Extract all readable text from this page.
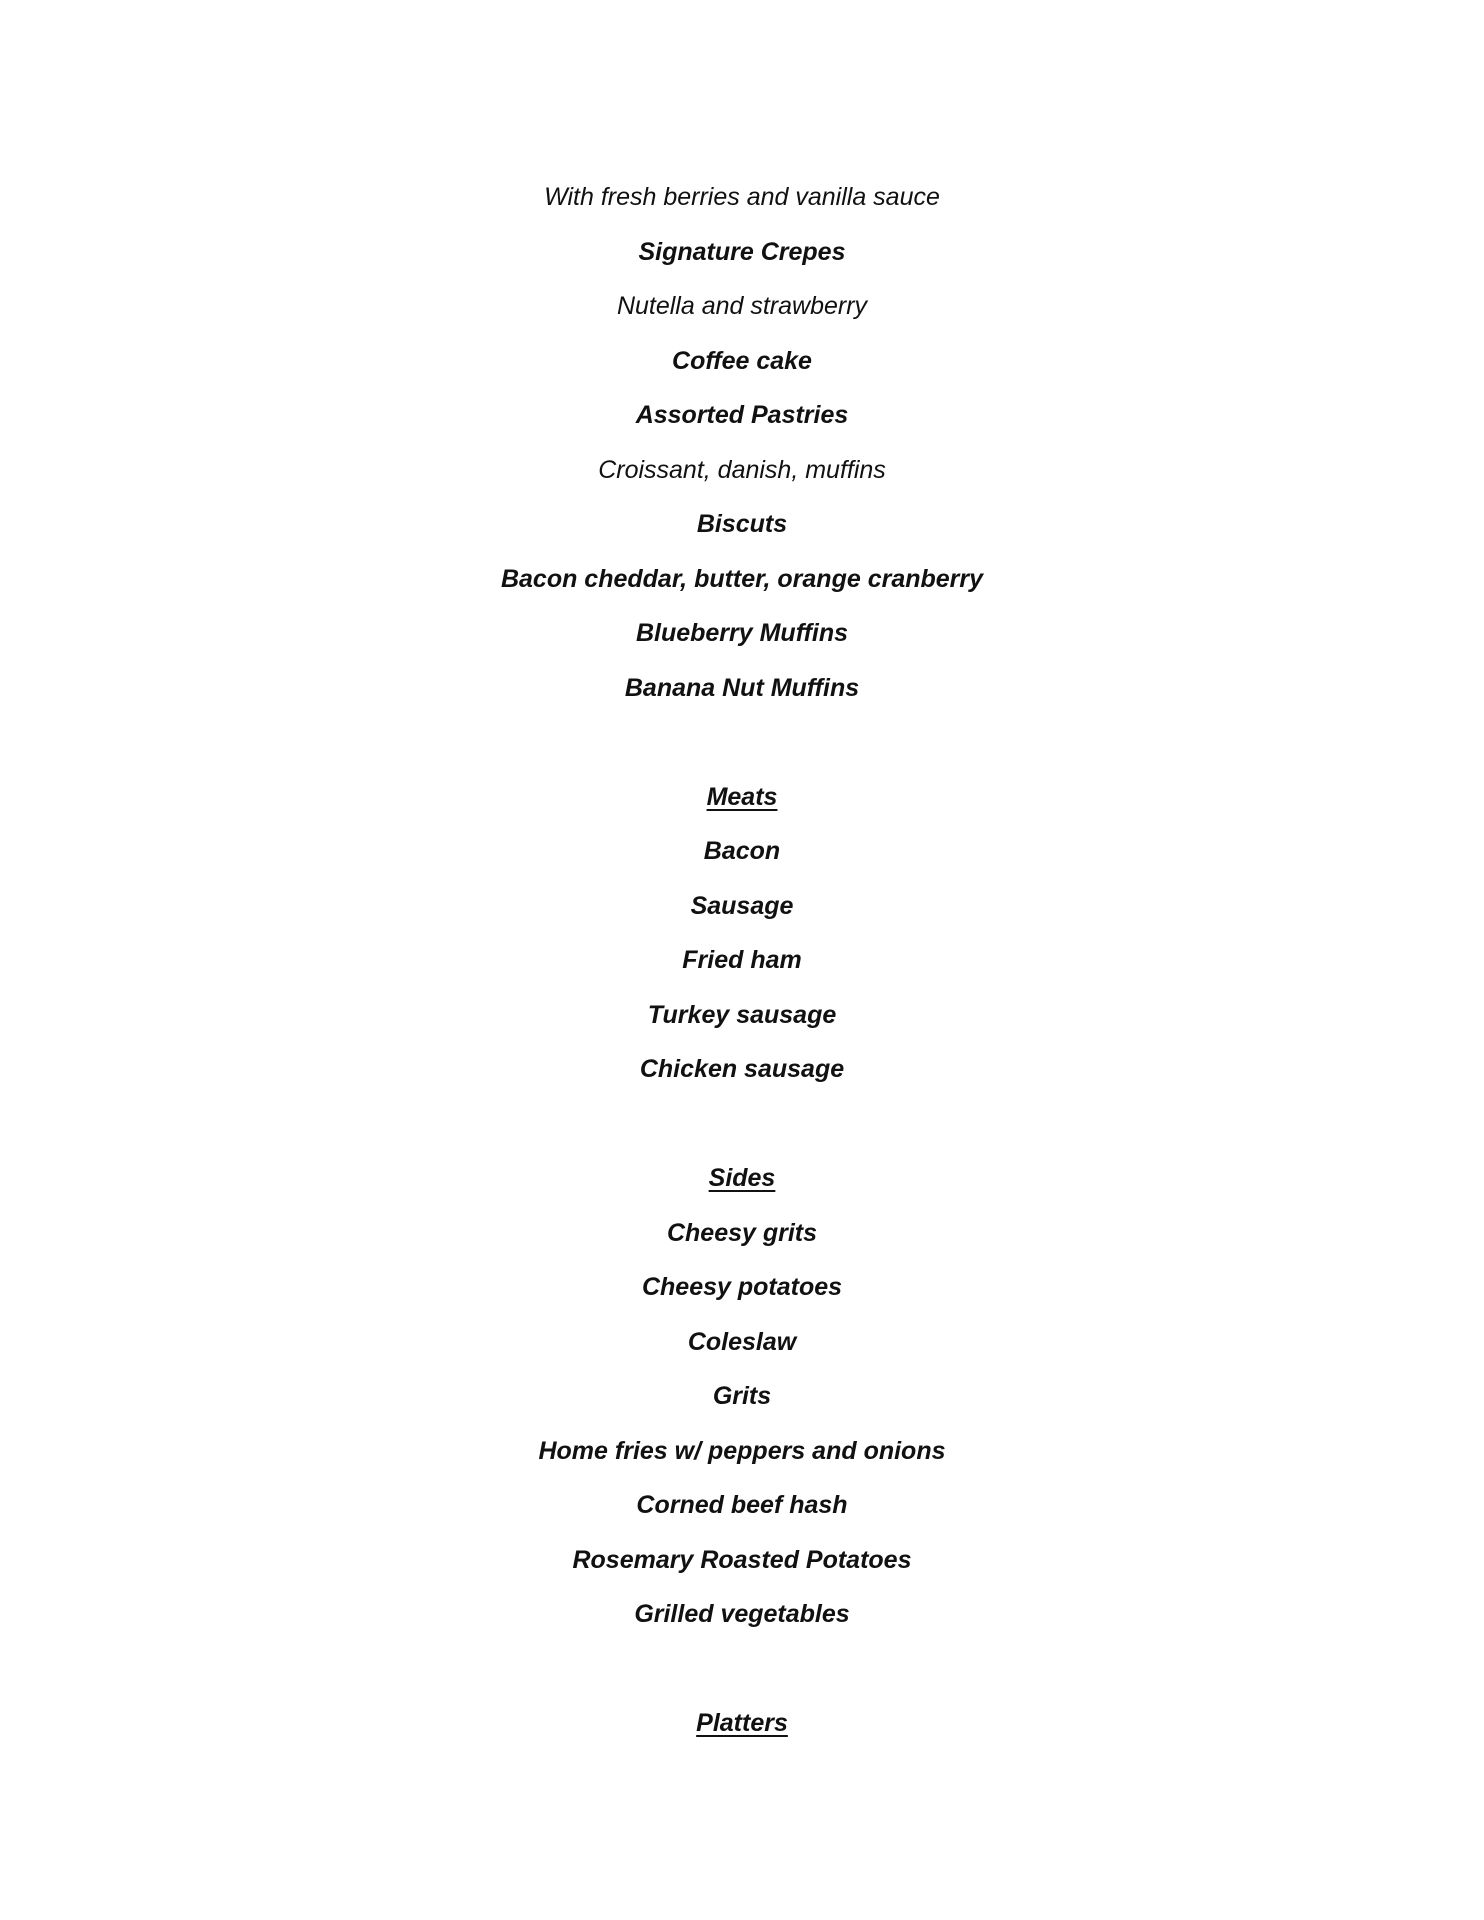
With fresh berries and vanilla sauce
Signature Crepes
Nutella and strawberry
Coffee cake
Assorted Pastries
Croissant, danish, muffins
Biscuts
Bacon cheddar, butter, orange cranberry
Blueberry Muffins
Banana Nut Muffins
Meats
Bacon
Sausage
Fried ham
Turkey sausage
Chicken sausage
Sides
Cheesy grits
Cheesy potatoes
Coleslaw
Grits
Home fries w/ peppers and onions
Corned beef hash
Rosemary Roasted Potatoes
Grilled vegetables
Platters
